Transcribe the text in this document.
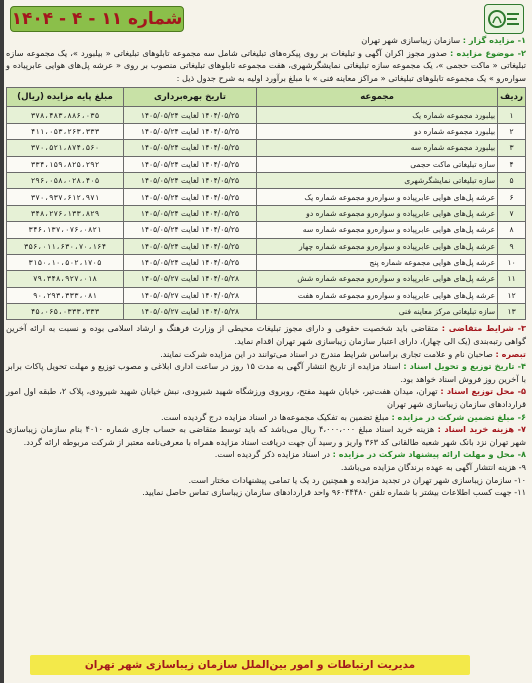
شماره ۱۱ - ۴ - ۱۴۰۴
۱- مزایده گزار : سازمان زیباسازی شهر تهران
۲- موضوع مزایده : صدور مجوز اکران آگهی و تبلیغات بر روی پیکره‌های تبلیغاتی شامل سه مجموعه تابلوهای تبلیغاتی « بیلبورد »، یک مجموعه سازه تبلیغاتی « ماکت حجمی »، یک مجموعه سازه تبلیغاتی نمایشگرشهری، هفت مجموعه تابلوهای تبلیغاتی منصوب بر روی « عرشه پل‌های هوایی عابرپیاده و سواره‌رو » یک مجموعه تابلوهای تبلیغاتی « مراکز معاینه فنی » با مبلغ برآورد اولیه به شرح جدول ذیل :
ردیف	مجموعه	تاریخ بهره‌برداری	مبلغ پایه مزایده (ریال)
۱	بیلبورد مجموعه شماره یک	۱۴۰۴/۰۵/۲۵ لغایت ۱۴۰۵/۰۵/۲۴	۳۷۸،۴۸۳،۸۸۶،۰۳۵
۲	بیلبورد مجموعه شماره دو	۱۴۰۴/۰۵/۲۵ لغایت ۱۴۰۵/۰۵/۲۴	۴۱۱،۰۵۳،۲۶۳،۳۳۳
۳	بیلبورد مجموعه شماره سه	۱۴۰۴/۰۵/۲۵ لغایت ۱۴۰۵/۰۵/۲۴	۳۷۰،۵۲۱،۸۷۴،۵۶۰
۴	سازه تبلیغاتی ماکت حجمی	۱۴۰۴/۰۵/۲۵ لغایت ۱۴۰۵/۰۵/۲۴	۳۳۴،۱۵۹،۸۲۵،۲۹۲
۵	سازه تبلیغاتی نمایشگرشهری	۱۴۰۴/۰۵/۲۵ لغایت ۱۴۰۵/۰۵/۲۴	۲۹۶،۰۵۸،۰۲۸،۴۰۵
۶	عرشه پل‌های هوایی عابرپیاده و سواره‌رو مجموعه شماره یک	۱۴۰۴/۰۵/۲۵ لغایت ۱۴۰۵/۰۵/۲۴	۳۷۰،۹۳۷،۶۱۲،۹۷۱
۷	عرشه پل‌های هوایی عابرپیاده و سواره‌رو مجموعه شماره دو	۱۴۰۴/۰۵/۲۵ لغایت ۱۴۰۵/۰۵/۲۴	۳۴۸،۲۷۶،۱۳۳،۸۲۹
۸	عرشه پل‌های هوایی عابرپیاده و سواره‌رو مجموعه شماره سه	۱۴۰۴/۰۵/۲۵ لغایت ۱۴۰۵/۰۵/۲۴	۳۴۶،۱۳۷،۰۷۶،۰۸۲۱
۹	عرشه پل‌های هوایی عابرپیاده و سواره‌رو مجموعه شماره چهار	۱۴۰۴/۰۵/۲۵ لغایت ۱۴۰۵/۰۵/۲۴	۳۵۶،۰۱۱،۶۳۰،۷۰،۱۶۴
۱۰	عرشه پل‌های هوایی مجموعه شماره پنج	۱۴۰۴/۰۵/۲۵ لغایت ۱۴۰۵/۰۵/۲۴	۳۱۵۰،۱۰،۵۰۲،۱۷۰۵
۱۱	عرشه پل‌های هوایی عابرپیاده و سواره‌رو مجموعه شماره شش	۱۴۰۴/۰۵/۲۸ لغایت ۱۴۰۵/۰۵/۲۷	۷۹،۳۴۸،۹۲۷،۰۱۸
۱۲	عرشه پل‌های هوایی عابرپیاده و سواره‌رو مجموعه شماره هفت	۱۴۰۴/۰۵/۲۸ لغایت ۱۴۰۵/۰۵/۲۷	۹۰،۲۹۳،۳۳۳،۰۸۱
۱۳	سازه تبلیغاتی مرکز معاینه فنی	۱۴۰۴/۰۵/۲۸ لغایت ۱۴۰۵/۰۵/۲۷	۴۵،۰۶۵،۰۳۳۳،۳۳۳
۳- شرایط متقاضی : متقاضی باید شخصیت حقوقی و دارای مجوز تبلیغات محیطی از وزارت فرهنگ و ارشاد اسلامی بوده و نسبت به ارائه آخرین گواهی رتبه‌بندی (یک الی چهار)، دارای اعتبار سازمان زیباسازی شهر تهران اقدام نماید.
تبصره : صاحبان نام و علامت تجاری براساس شرایط مندرج در اسناد می‌توانند در این مزایده شرکت نمایند.
۴- تاریخ توزیع و تحویل اسناد : اسناد مزایده از تاریخ انتشار آگهی به مدت ۱۵ روز در ساعت اداری ابلاغی و مصوب توزیع و مهلت تحویل پاکات برابر با آخرین روز فروش اسناد خواهد بود.
۵- محل توزیع اسناد : تهران، میدان هفت‌تیر، خیابان شهید مفتح، روبروی ورزشگاه شهید شیرودی، نبش خیابان شهید شیرودی، پلاک ۲، طبقه اول امور قراردادهای سازمان زیباسازی شهر تهران
۶- مبلغ تضمین شرکت در مزایده : مبلغ تضمین به تفکیک مجموعه‌ها در اسناد مزایده درج گردیده است.
۷- هزینه خرید اسناد : هزینه خرید اسناد مبلغ ۴،۰۰۰،۰۰۰ ریال می‌باشد که باید توسط متقاضی به حساب جاری شماره ۴۰۱۰ بنام سازمان زیباسازی شهر تهران نزد بانک شهر شعبه طالقانی کد ۳۶۳ واریز و رسید آن جهت دریافت اسناد مزایده همراه با معرفی‌نامه معتبر از شرکت مربوطه ارائه گردد.
۸- محل و مهلت ارائه پیشنهاد شرکت در مزایده : در اسناد مزایده ذکر گردیده است.
۹- هزینه انتشار آگهی به عهده برندگان مزایده می‌باشد.
۱۰- سازمان زیباسازی شهر تهران در تجدید مزایده و همچنین رد یک یا تمامی پیشنهادات مختار است.
۱۱- جهت کسب اطلاعات بیشتر با شماره تلفن ۹۶۰۴۴۴۸۰ واحد قراردادهای سازمان زیباسازی تماس حاصل نمایید.
مدیریت ارتباطات و امور بین‌الملل سازمان زیباسازی شهر تهران
